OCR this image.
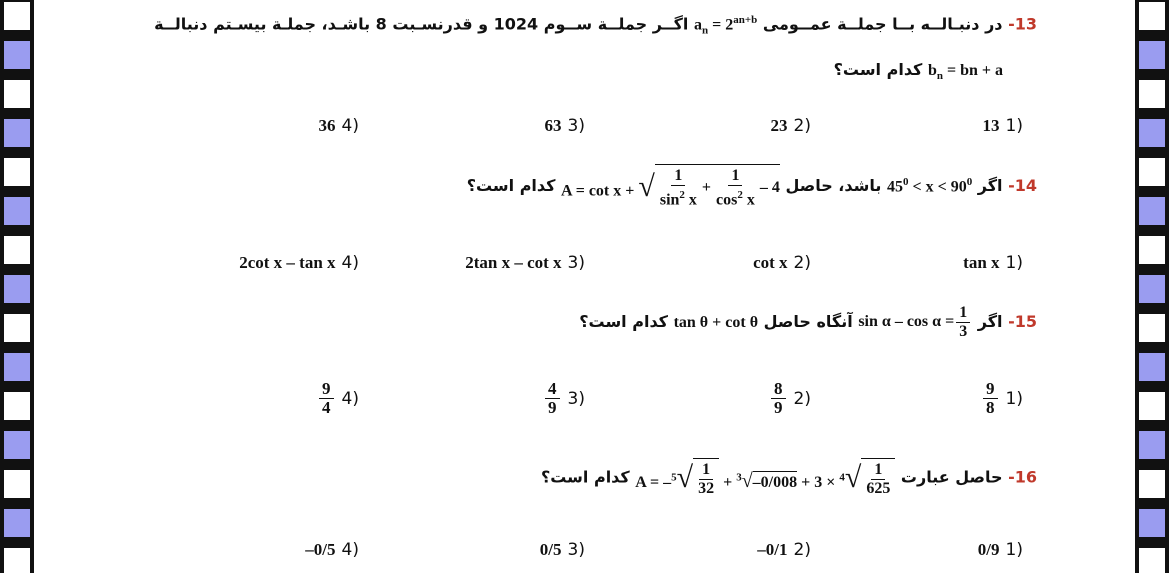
13- در دنبـالــه بــا جملــة عمــومی $a_n = 2^{an+b}$ اگــر جملــة ســوم 1024 و قدرنسـبت 8 باشـد، جملـة بیسـتم دنبالــة
$b_n$ = bn + a کدام است؟
(1
13
(2
23
(3
63
(4
36
14- اگر $45^0 < x < 90^0$ باشد، حاصل A = cot x + √ $\frac{1}{\sin^2 x} + \frac{1}{\cos^2 x} - 4$
کدام است؟
(1
tan x
(2
cot x
(3
2tan x – cot x
(4
2cot x – tan x
15- اگر $\sin \alpha - \cos \alpha = \frac{1}{3}$
آنگاه حاصل tan θ + cot θ کدام است؟
(1
$\frac{9}{8}$
(2
$\frac{8}{9}$
(3
$\frac{4}{9}$
(4
$\frac{9}{4}$
16- حاصل عبارت A = –$^5$ √ $\frac{1}{32} + ^3$ √ –0/008 + 3 × $^4$ √ $\frac{1}{625}$
کدام است؟
(1
0/9
(2
–0/1
(3
0/5
(4
–0/5
